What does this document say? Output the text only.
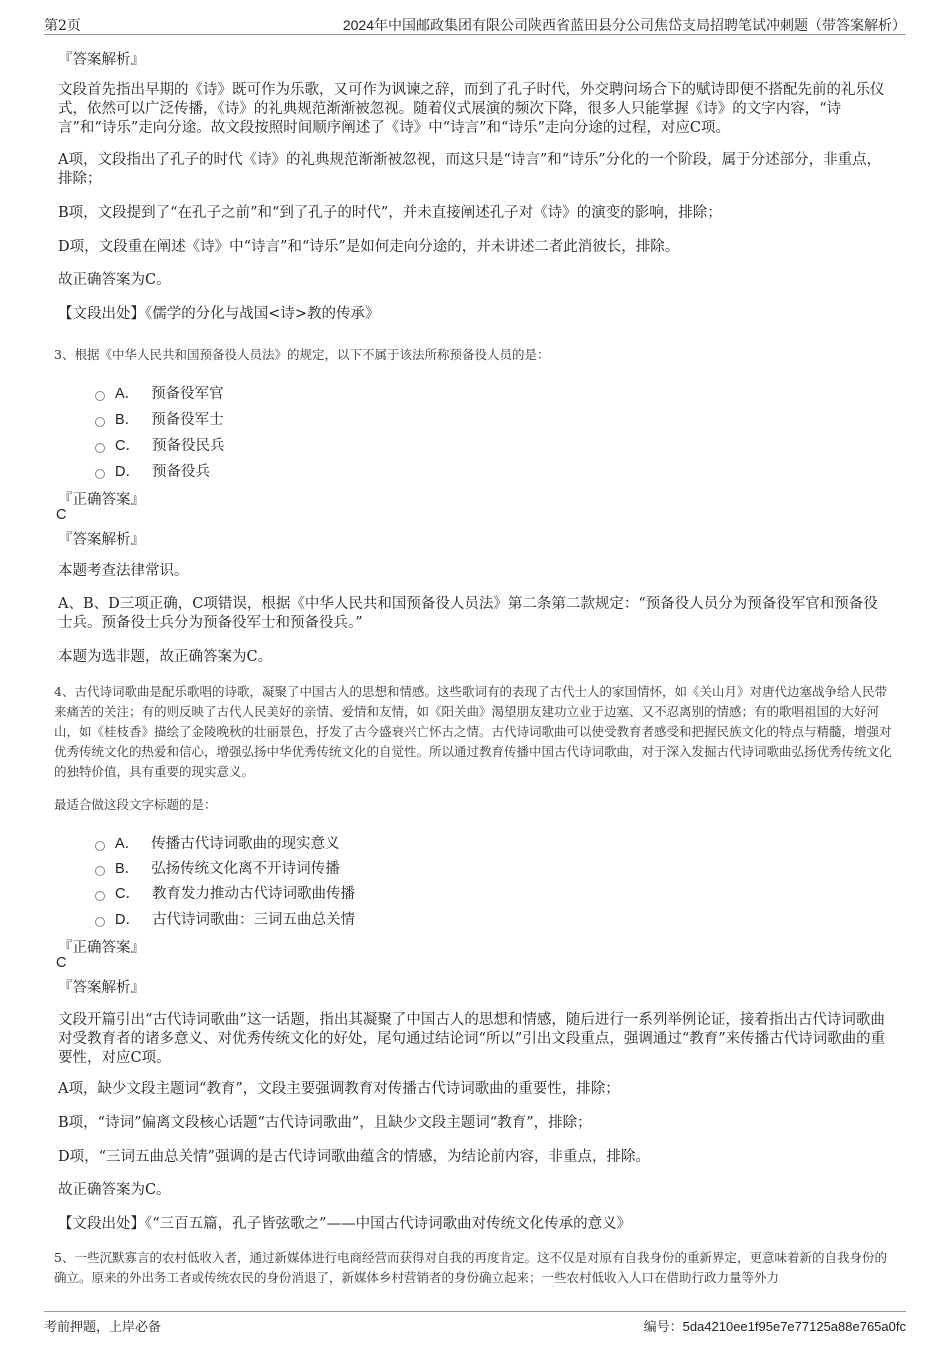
第2页	2024年中国邮政集团有限公司陕西省蓝田县分公司焦岱支局招聘笔试冲刺题（带答案解析）
『答案解析』

文段首先指出早期的《诗》既可作为乐歌，又可作为讽谏之辞，而到了孔子时代，外交聘问场合下的赋诗即便不搭配先前的礼乐仪式，依然可以广泛传播，《诗》的礼典规范渐渐被忽视。随着仪式展演的频次下降，很多人只能掌握《诗》的文字内容，“诗言”和“诗乐”走向分途。故文段按照时间顺序阐述了《诗》中“诗言”和“诗乐”走向分途的过程，对应C项。

A项，文段指出了孔子的时代《诗》的礼典规范渐渐被忽视，而这只是“诗言”和“诗乐”分化的一个阶段，属于分述部分，非重点，排除；

B项，文段提到了“在孔子之前”和“到了孔子的时代”，并未直接阐述孔子对《诗》的演变的影响，排除；

D项，文段重在阐述《诗》中“诗言”和“诗乐”是如何走向分途的，并未讲述二者此消彼长，排除。

故正确答案为C。

【文段出处】《儒学的分化与战国<诗>教的传承》

3、根据《中华人民共和国预备役人员法》的规定，以下不属于该法所称预备役人员的是：

A． 预备役军官
B． 预备役军士
C． 预备役民兵
D． 预备役兵
『正确答案』
C
『答案解析』

本题考查法律常识。

A、B、D三项正确，C项错误，根据《中华人民共和国预备役人员法》第二条第二款规定：“预备役人员分为预备役军官和预备役士兵。预备役士兵分为预备役军士和预备役兵。”

本题为选非题，故正确答案为C。

4、古代诗词歌曲是配乐歌唱的诗歌，凝聚了中国古人的思想和情感。这些歌词有的表现了古代士人的家国情怀，如《关山月》对唐代边塞战争给人民带来痛苦的关注；有的则反映了古代人民美好的亲情、爱情和友情，如《阳关曲》渴望朋友建功立业于边塞、又不忍离别的情感；有的歌唱祖国的大好河山，如《桂枝香》描绘了金陵晚秋的壮丽景色，抒发了古今盛衰兴亡怀古之情。古代诗词歌曲可以使受教育者感受和把握民族文化的特点与精髓，增强对优秀传统文化的热爱和信心，增强弘扬中华优秀传统文化的自觉性。所以通过教育传播中国古代诗词歌曲，对于深入发掘古代诗词歌曲弘扬优秀传统文化的独特价值，具有重要的现实意义。

最适合做这段文字标题的是：

A． 传播古代诗词歌曲的现实意义
B． 弘扬传统文化离不开诗词传播
C． 教育发力推动古代诗词歌曲传播
D． 古代诗词歌曲：三词五曲总关情
『正确答案』
C
『答案解析』

文段开篇引出“古代诗词歌曲”这一话题，指出其凝聚了中国古人的思想和情感，随后进行一系列举例论证，接着指出古代诗词歌曲对受教育者的诸多意义、对优秀传统文化的好处，尾句通过结论词“所以”引出文段重点，强调通过“教育”来传播古代诗词歌曲的重要性，对应C项。

A项，缺少文段主题词“教育”，文段主要强调教育对传播古代诗词歌曲的重要性，排除；

B项，“诗词”偏离文段核心话题“古代诗词歌曲”，且缺少文段主题词“教育”，排除；

D项，“三词五曲总关情”强调的是古代诗词歌曲蕴含的情感，为结论前内容，非重点，排除。

故正确答案为C。

【文段出处】《“三百五篇，孔子皆弦歌之”——中国古代诗词歌曲对传统文化传承的意义》

5、一些沉默寡言的农村低收入者，通过新媒体进行电商经营而获得对自我的再度肯定。这不仅是对原有自我身份的重新界定，更意味着新的自我身份的确立。原来的外出务工者或传统农民的身份消退了，新媒体乡村营销者的身份确立起来；一些农村低收入人口在借助行政力量等外力

考前押题，上岸必备	编号：5da4210ee1f95e7e77125a88e765a0fc
